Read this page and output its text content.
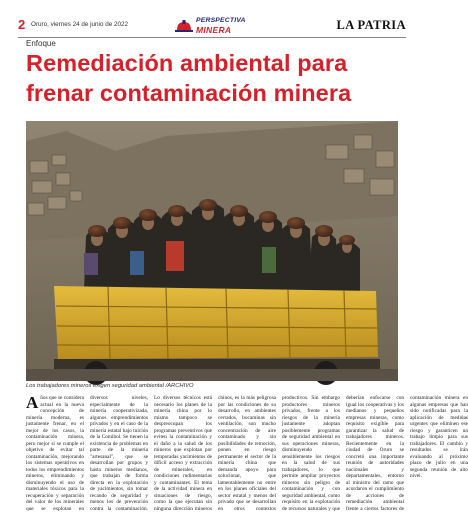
2 Oruro, viernes 24 de junio de 2022
PERSPECTIVA
MINERA	LA PATRIA
Enfoque
Remediación ambiental para frenar contaminación minera
Los trabajadores mineros exigen seguridad ambiental /ARCHIVO

Años que se considera actual en la nueva concepción de minería moderna, es justamente frenar, en el mejor de los casos, la contaminación minera, pero mejor si se cumple el objetivo de evitar tal contaminación, mejorando los sistemas operativos en todos los emprendimientos mineros, eliminando y disminuyendo el uso de materiales tóxicos para la recuperación y separación del valor de los minerales que se explotan en diversos niveles, especialmente de la minería cooperativizada, algunos emprendimientos privados y en el caso de la minería estatal bajo tuición de la Comibol. Se tienen la existencia de problemas en parte de la minería "artesanal", que se desarrollan por grupos y hasta mineros medianos, que trabajan de forma directa en la explotación de yacimientos, sin tomar recaudo de seguridad y menos los de prevención contra la contaminación. Lo diversos técnicos está necesario los planes de la minería china por lo mismo tampoco se despreocupan los programas preventivos que eviten la contaminación y el daño a la salud de los mineros que explotan por temporadas yacimientos de difícil acceso y extracción de minerales, en condiciones rudimentarias y contaminantes. El tema de la actividad minera en situaciones de riesgo, como la que ejecutan sin ninguna dirección mineros chinos, es la más peligrosa por las condiciones de su desarrollo, en ambientes cerrados, bocaminas sin ventilación, son mucho concentración de aire contaminado y sin posibilidades de remoción, ponen en riesgo permanente el sector de la minería china que demanda apoyo para solucionar, que lamentablemente no entre en los planes oficiales del sector estatal y menos del privado que se desarrollan en otros contextos productivos. Sin embargo productores mineros privados, frente a los riesgos de la minería justamente adoptan posiblemente programas de seguridad ambiental en sus operaciones mineras, disminuyendo sensiblemente los riesgos en la salud de sus trabajadores, lo que permite ampliar proyectos mineros sin peligro de contaminación y con seguridad ambiental, como requisito en la explotación de recursos naturales y que deberían enfocarse con igual los cooperativas y los medianos y pequeños empresas mineras, como requisito exigible para garantizar la salud de trabajadores mineros. Recientemente en la ciudad de Oruro se concretó una importante reunión de autoridades nacionales y departamentales, entorno al ministro del ramo que acordaron el cumplimiento de acciones de remediación ambiental frente a ciertos factores de contaminación minera en algunas empresas que han sido notificadas para la aplicación de medidas urgentes que eliminen ese riesgo y garanticen un trabajo limpio para sus trabajadores. El cambio y resultados se irán evaluando al próximo plazo de julio en una segunda reunión de alto nivel.
